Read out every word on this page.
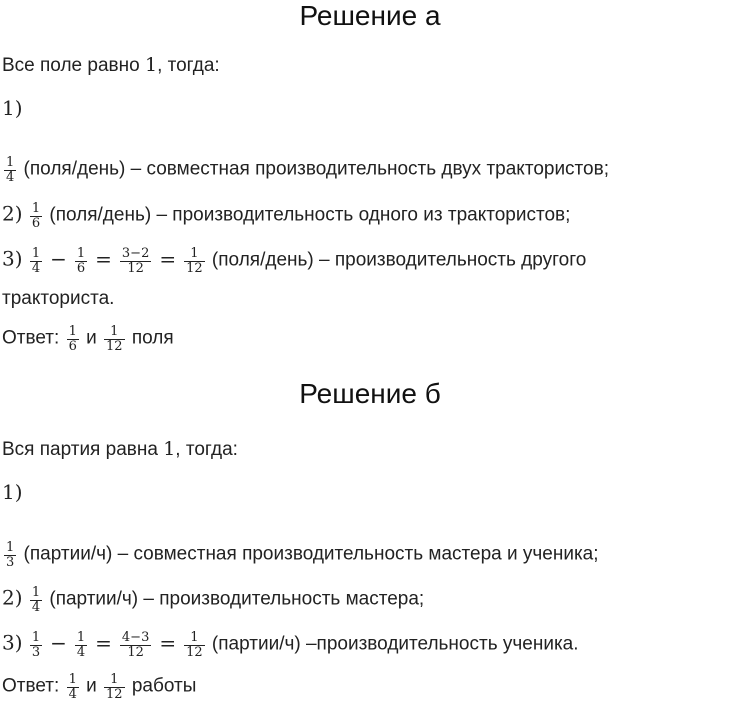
Решение а
Все поле равно 1, тогда:
1)
$\frac{1}{4}$ (поля/день) – совместная производительность двух трактористов;
$2) \frac{1}{6}$ (поля/день) – производительность одного из трактористов;
$3) \frac{1}{4} - \frac{1}{6} = \frac{3-2}{12} = \frac{1}{12}$ (поля/день) – производительность другого
тракториста.
Ответ: $\frac{1}{6}$ и $\frac{1}{12}$ поля
Решение б
Вся партия равна 1, тогда:
1)
$\frac{1}{3}$ (партии/ч) – совместная производительность мастера и ученика;
$2) \frac{1}{4}$ (партии/ч) – производительность мастера;
$3) \frac{1}{3} - \frac{1}{4} = \frac{4-3}{12} = \frac{1}{12}$ (партии/ч) –производительность ученика.
Ответ: $\frac{1}{4}$ и $\frac{1}{12}$ работы
